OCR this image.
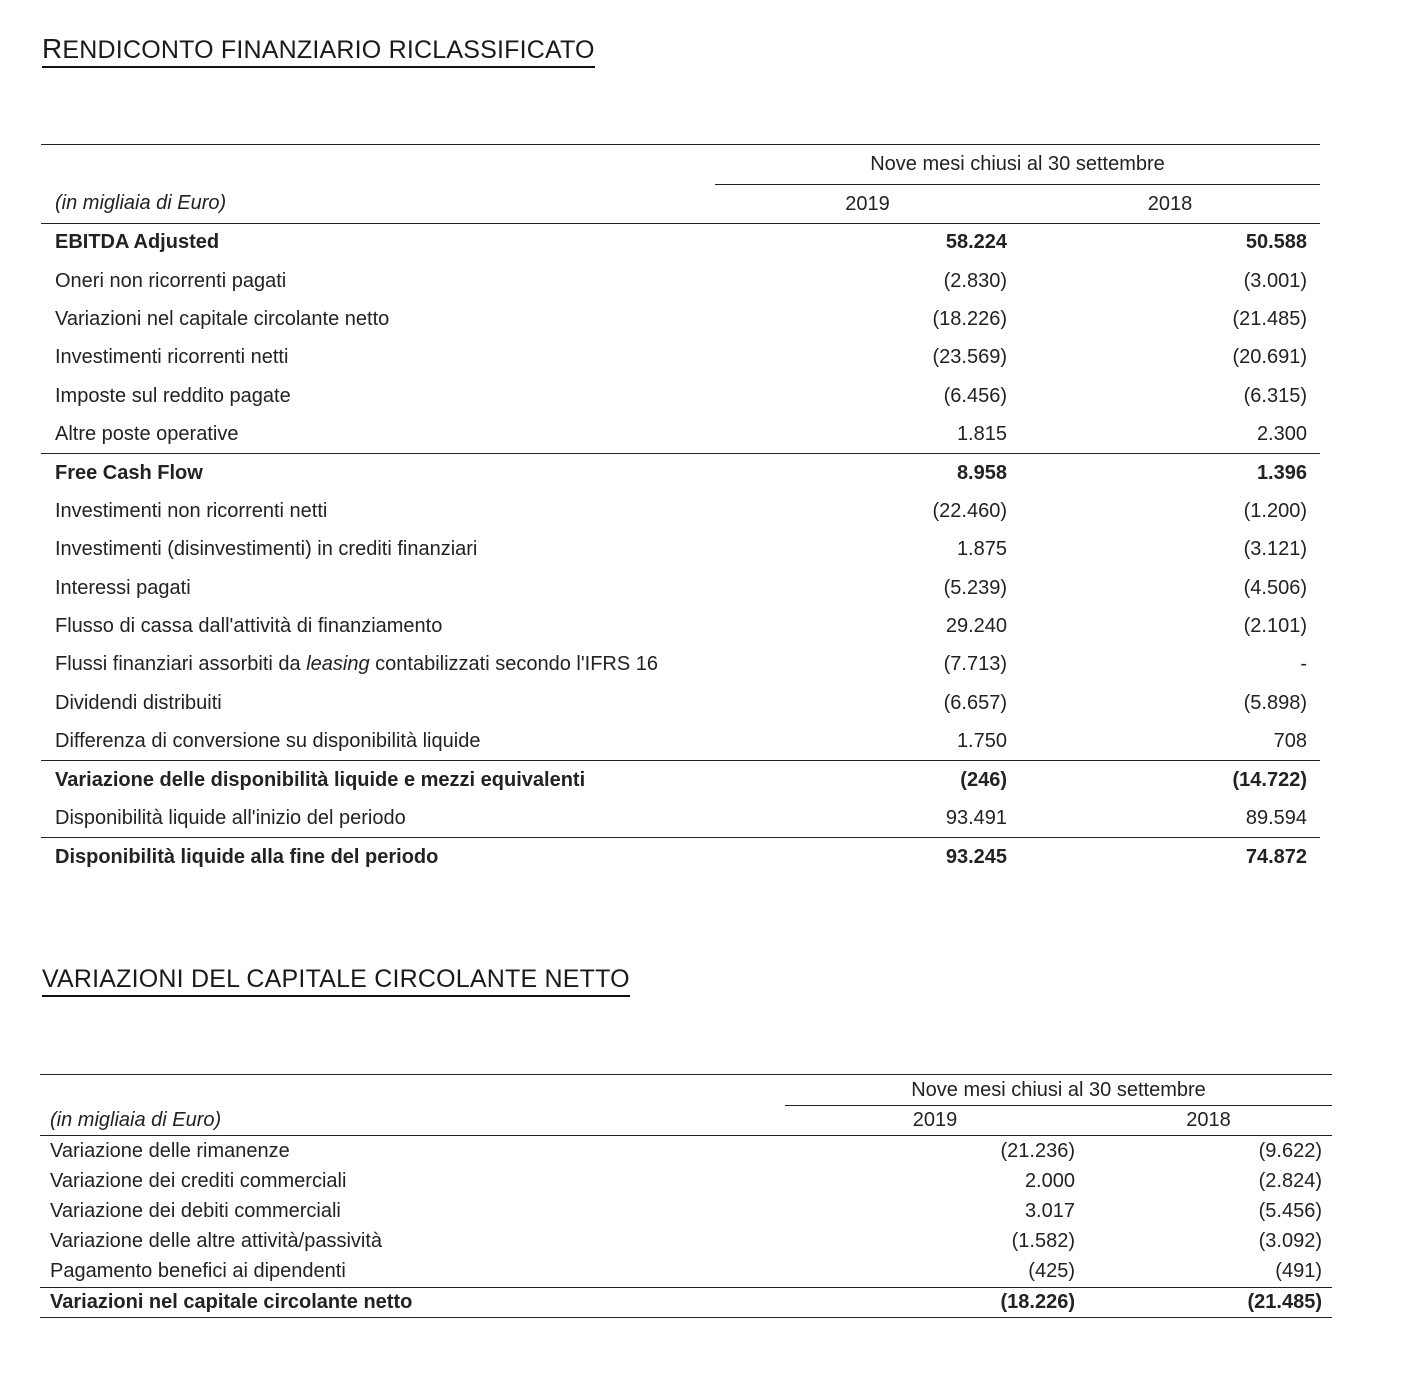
RENDICONTO FINANZIARIO RICLASSIFICATO
	Nove mesi chiusi al 30 settembre	
(in migliaia di Euro)	2019	2018
EBITDA Adjusted	58.224	50.588
Oneri non ricorrenti pagati	(2.830)	(3.001)
Variazioni nel capitale circolante netto	(18.226)	(21.485)
Investimenti ricorrenti netti	(23.569)	(20.691)
Imposte sul reddito pagate	(6.456)	(6.315)
Altre poste operative	1.815	2.300
Free Cash Flow	8.958	1.396
Investimenti non ricorrenti netti	(22.460)	(1.200)
Investimenti (disinvestimenti) in crediti finanziari	1.875	(3.121)
Interessi pagati	(5.239)	(4.506)
Flusso di cassa dall'attività di finanziamento	29.240	(2.101)
Flussi finanziari assorbiti da leasing contabilizzati secondo l'IFRS 16	(7.713)	-
Dividendi distribuiti	(6.657)	(5.898)
Differenza di conversione su disponibilità liquide	1.750	708
Variazione delle disponibilità liquide e mezzi equivalenti	(246)	(14.722)
Disponibilità liquide all'inizio del periodo	93.491	89.594
Disponibilità liquide alla fine del periodo	93.245	74.872
VARIAZIONI DEL CAPITALE CIRCOLANTE NETTO
	Nove mesi chiusi al 30 settembre	
(in migliaia di Euro)	2019	2018
Variazione delle rimanenze	(21.236)	(9.622)
Variazione dei crediti commerciali	2.000	(2.824)
Variazione dei debiti commerciali	3.017	(5.456)
Variazione delle altre attività/passività	(1.582)	(3.092)
Pagamento benefici ai dipendenti	(425)	(491)
Variazioni nel capitale circolante netto	(18.226)	(21.485)
